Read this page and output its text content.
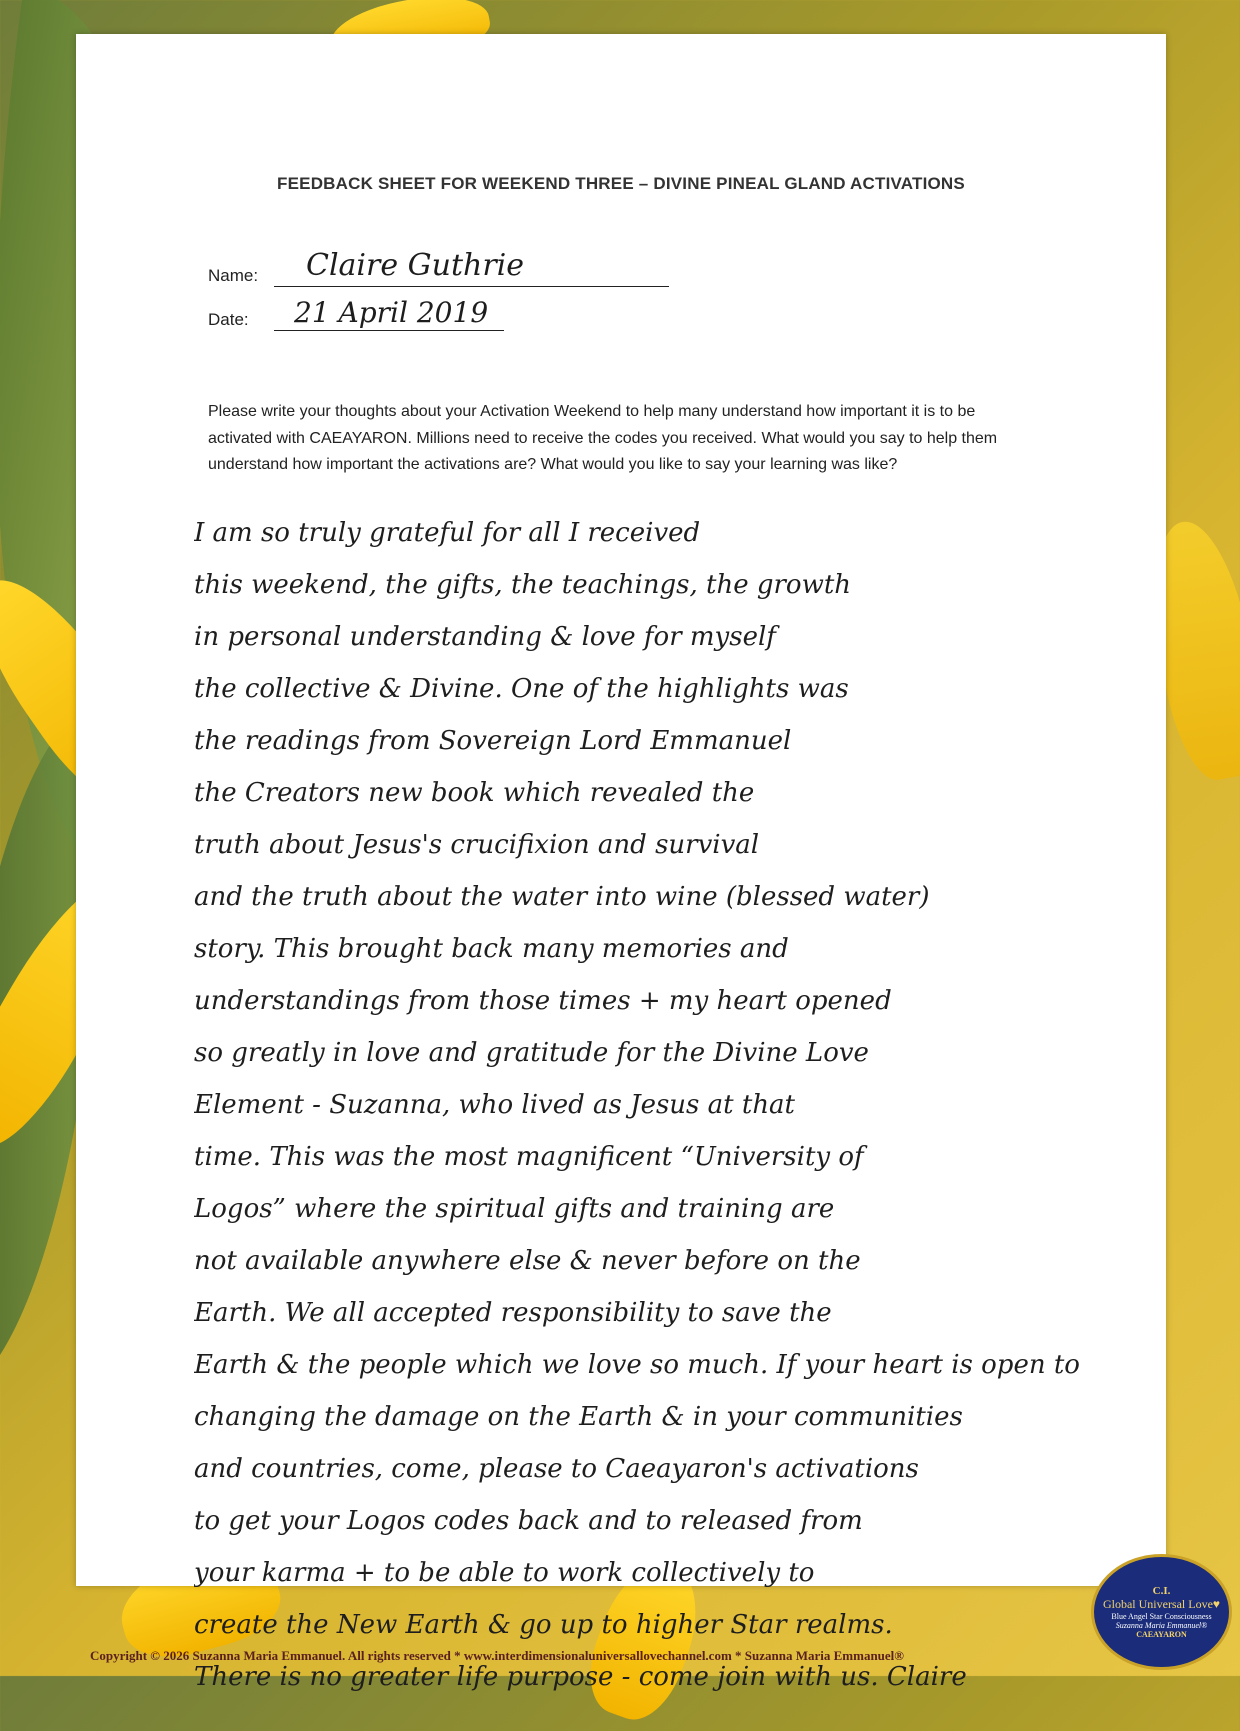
FEEDBACK SHEET FOR WEEKEND THREE – DIVINE PINEAL GLAND ACTIVATIONS
Name: Claire Guthrie
Date: 21 April 2019
Please write your thoughts about your Activation Weekend to help many understand how important it is to be activated with CAEAYARON. Millions need to receive the codes you received. What would you say to help them understand how important the activations are? What would you like to say your learning was like?
I am so truly grateful for all I received
this weekend, the gifts, the teachings, the growth
in personal understanding & love for myself
the collective & Divine. One of the highlights was
the readings from Sovereign Lord Emmanuel
the Creators new book which revealed the
truth about Jesus's crucifixion and survival
and the truth about the water into wine (blessed water)
story. This brought back many memories and
understandings from those times + my heart opened
so greatly in love and gratitude for the Divine Love
Element - Suzanna, who lived as Jesus at that
time. This was the most magnificent “University of
Logos” where the spiritual gifts and training are
not available anywhere else & never before on the
Earth. We all accepted responsibility to save the
Earth & the people which we love so much. If your heart is open to
changing the damage on the Earth & in your communities
and countries, come, please to Caeayaron's activations
to get your Logos codes back and to released from
your karma + to be able to work collectively to
create the New Earth & go up to higher Star realms.
There is no greater life purpose - come join with us. Claire
Copyright © 2026 Suzanna Maria Emmanuel. All rights reserved * www.interdimensionaluniversallovechannel.com * Suzanna Maria Emmanuel®
C.I.
Global Universal Love♥
Blue Angel Star Consciousness
Suzanna Maria Emmanuel®
CAEAYARON
